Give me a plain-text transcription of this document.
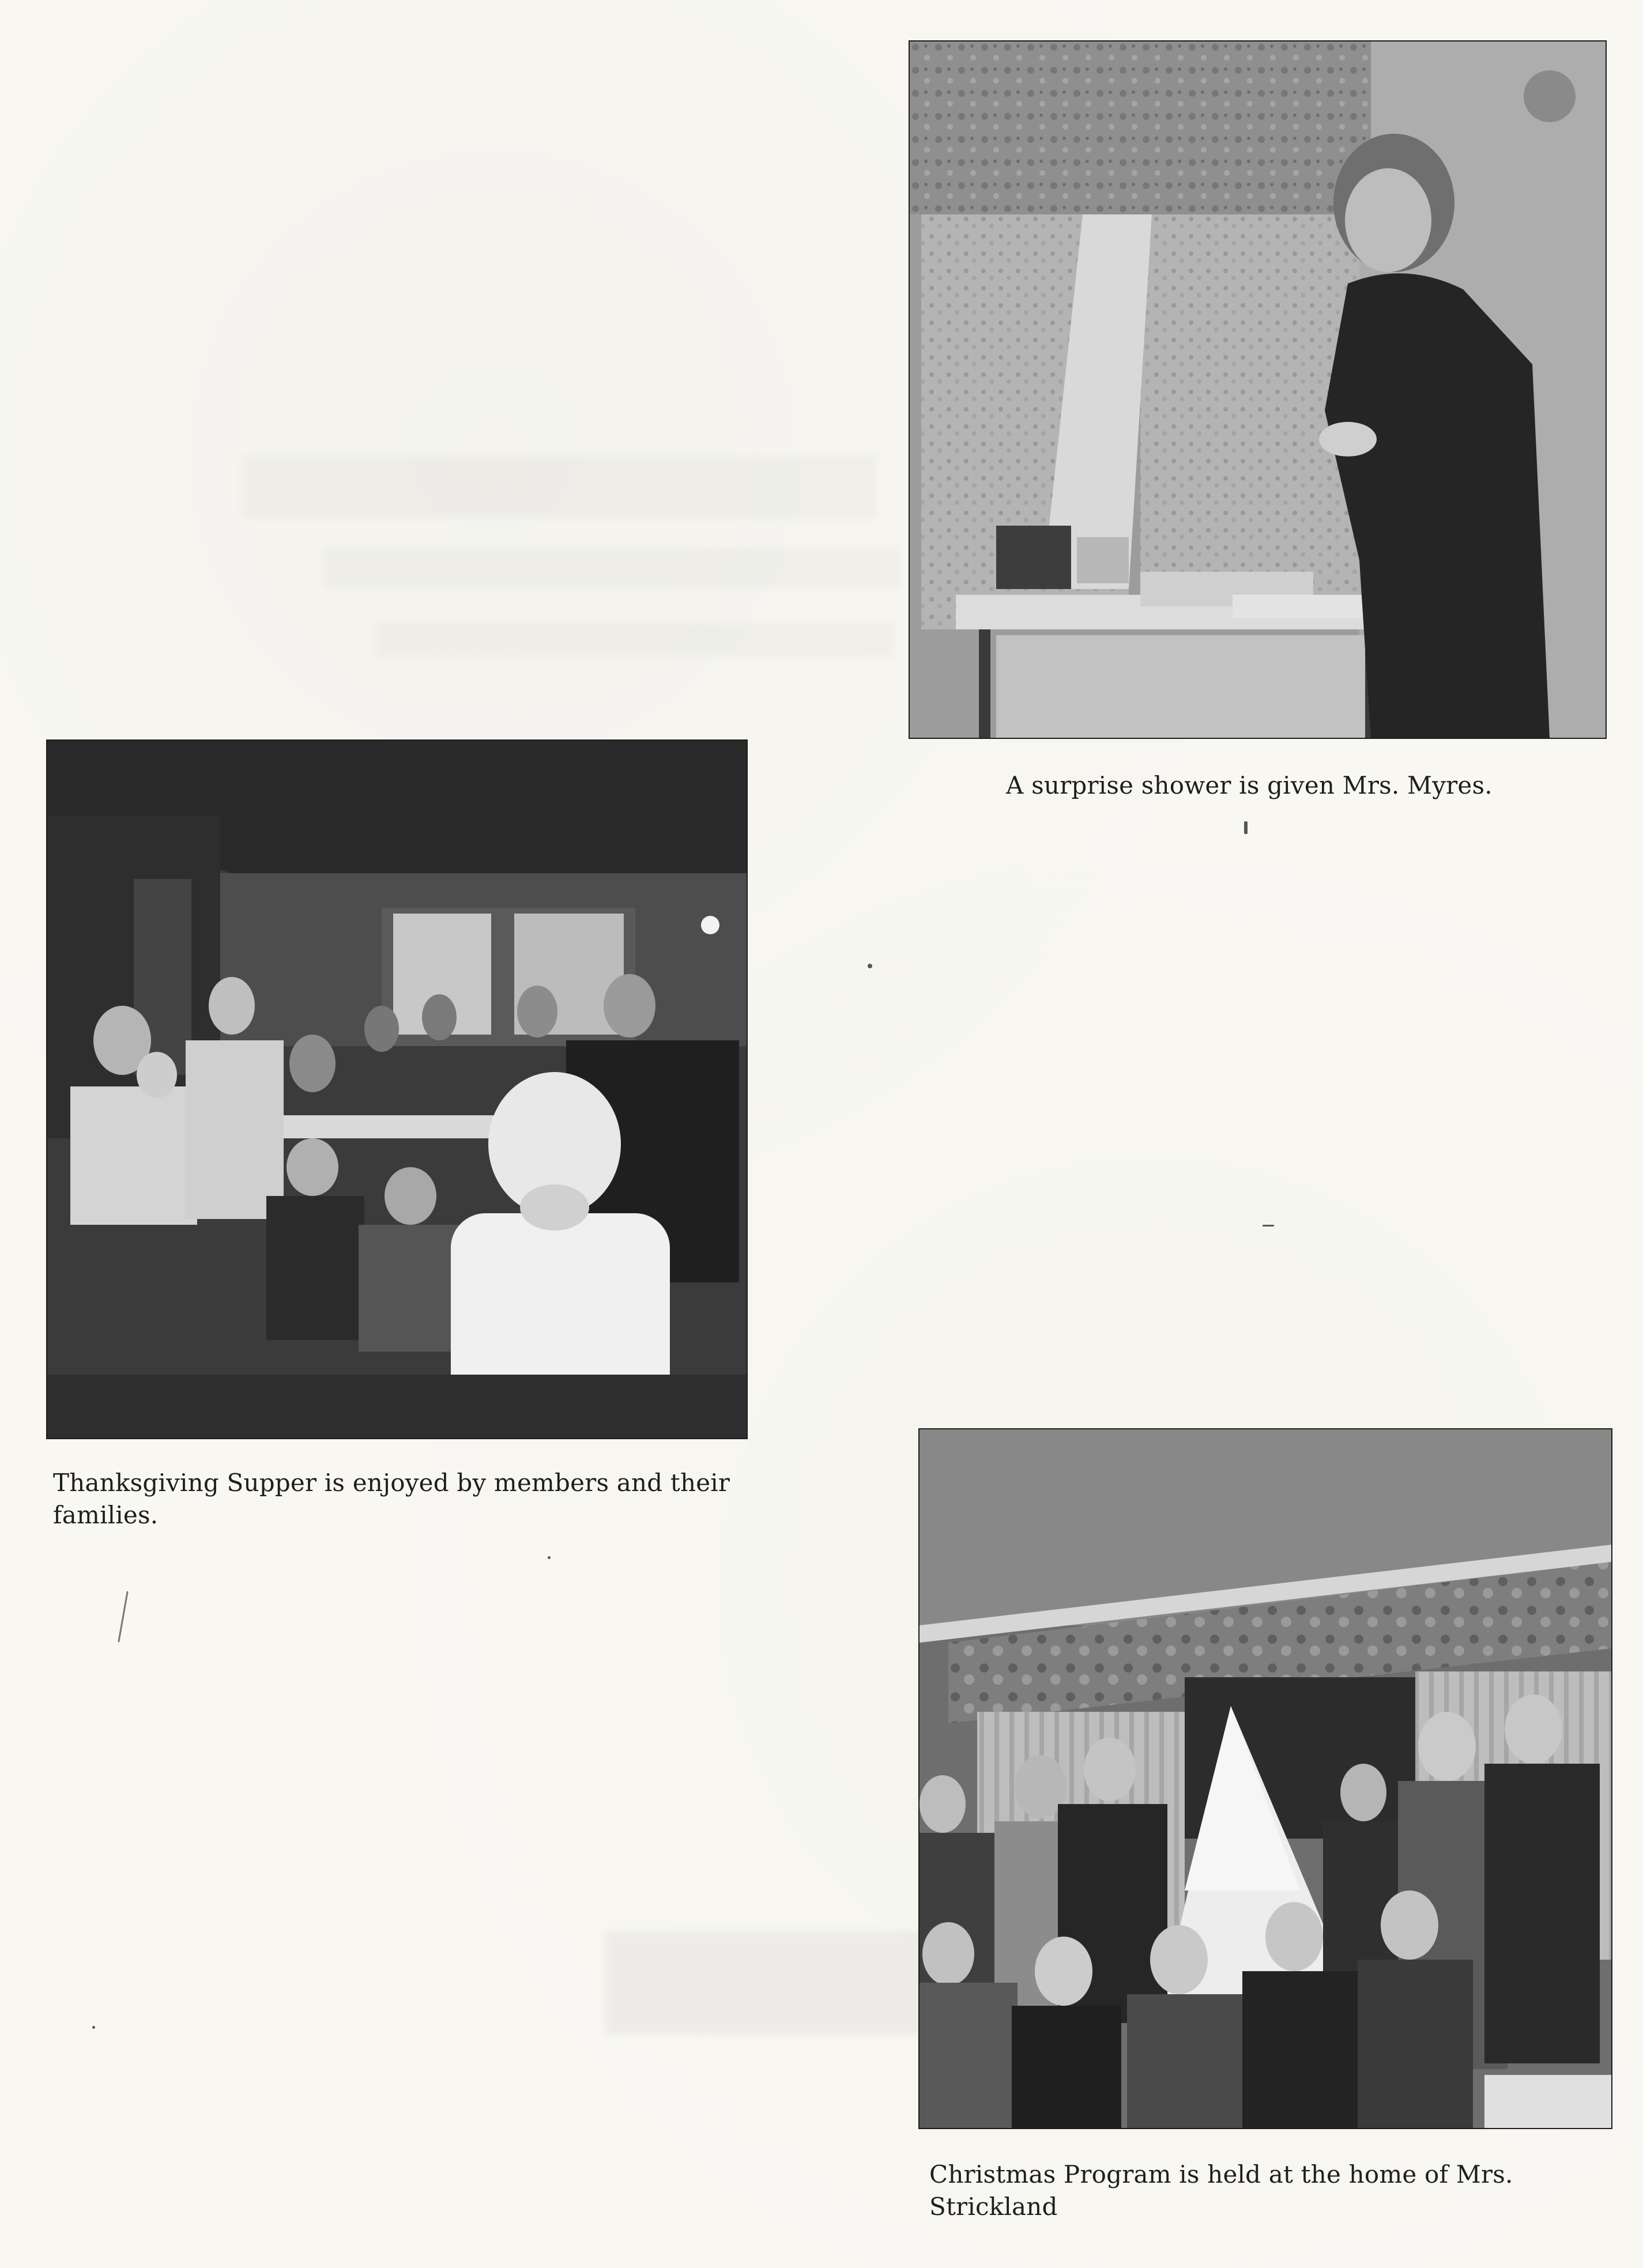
A surprise shower is given Mrs. Myres.
Thanksgiving Supper is enjoyed by members and their families.
Christmas Program is held at the home of Mrs. Strickland
